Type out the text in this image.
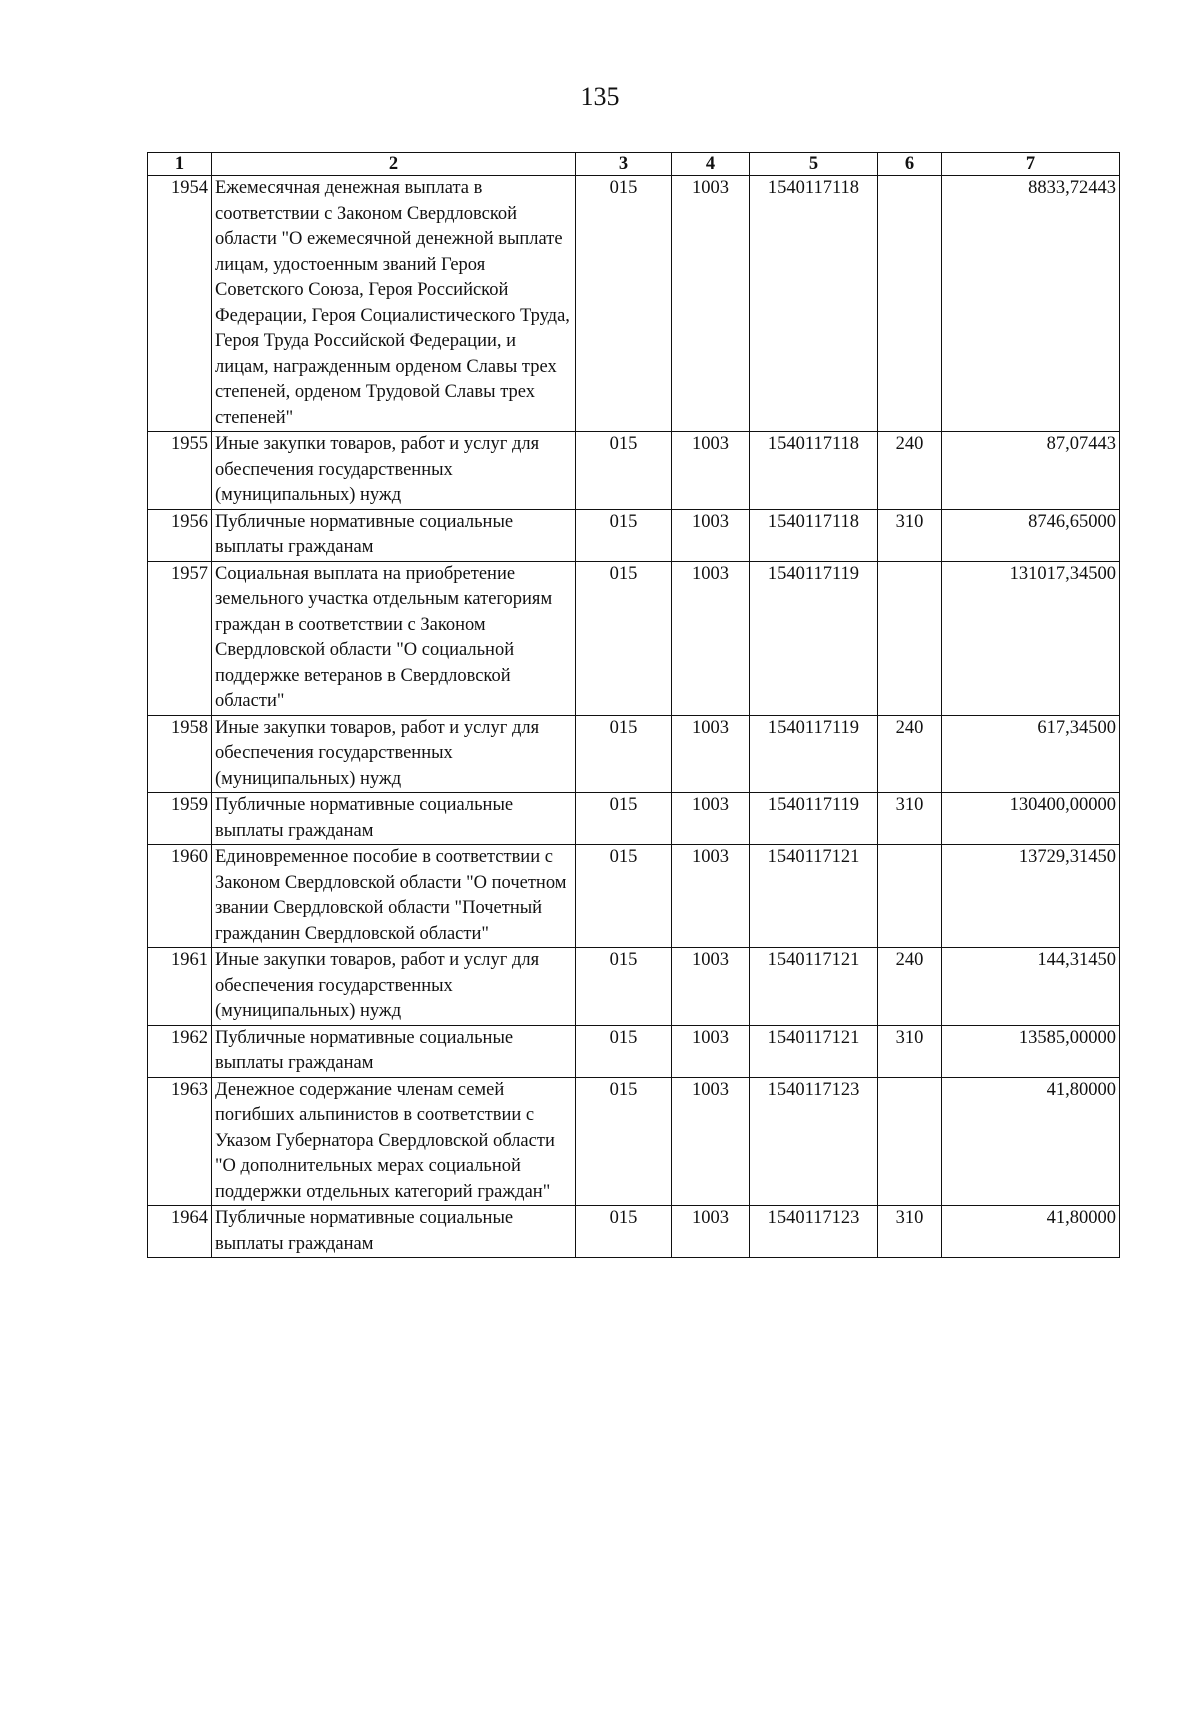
135
1	2	3	4	5	6	7
1954	Ежемесячная денежная выплата в соответствии с Законом Свердловской области "О ежемесячной денежной выплате лицам, удостоенным званий Героя Советского Союза, Героя Российской Федерации, Героя Социалистического Труда, Героя Труда Российской Федерации, и лицам, награжденным орденом Славы трех степеней, орденом Трудовой Славы трех степеней"	015	1003	1540117118		8833,72443
1955	Иные закупки товаров, работ и услуг для обеспечения государственных (муниципальных) нужд	015	1003	1540117118	240	87,07443
1956	Публичные нормативные социальные выплаты гражданам	015	1003	1540117118	310	8746,65000
1957	Социальная выплата на приобретение земельного участка отдельным категориям граждан в соответствии с Законом Свердловской области "О социальной поддержке ветеранов в Свердловской области"	015	1003	1540117119		131017,34500
1958	Иные закупки товаров, работ и услуг для обеспечения государственных (муниципальных) нужд	015	1003	1540117119	240	617,34500
1959	Публичные нормативные социальные выплаты гражданам	015	1003	1540117119	310	130400,00000
1960	Единовременное пособие в соответствии с Законом Свердловской области "О почетном звании Свердловской области "Почетный гражданин Свердловской области"	015	1003	1540117121		13729,31450
1961	Иные закупки товаров, работ и услуг для обеспечения государственных (муниципальных) нужд	015	1003	1540117121	240	144,31450
1962	Публичные нормативные социальные выплаты гражданам	015	1003	1540117121	310	13585,00000
1963	Денежное содержание членам семей погибших альпинистов в соответствии с Указом Губернатора Свердловской области "О дополнительных мерах социальной поддержки отдельных категорий граждан"	015	1003	1540117123		41,80000
1964	Публичные нормативные социальные выплаты гражданам	015	1003	1540117123	310	41,80000
